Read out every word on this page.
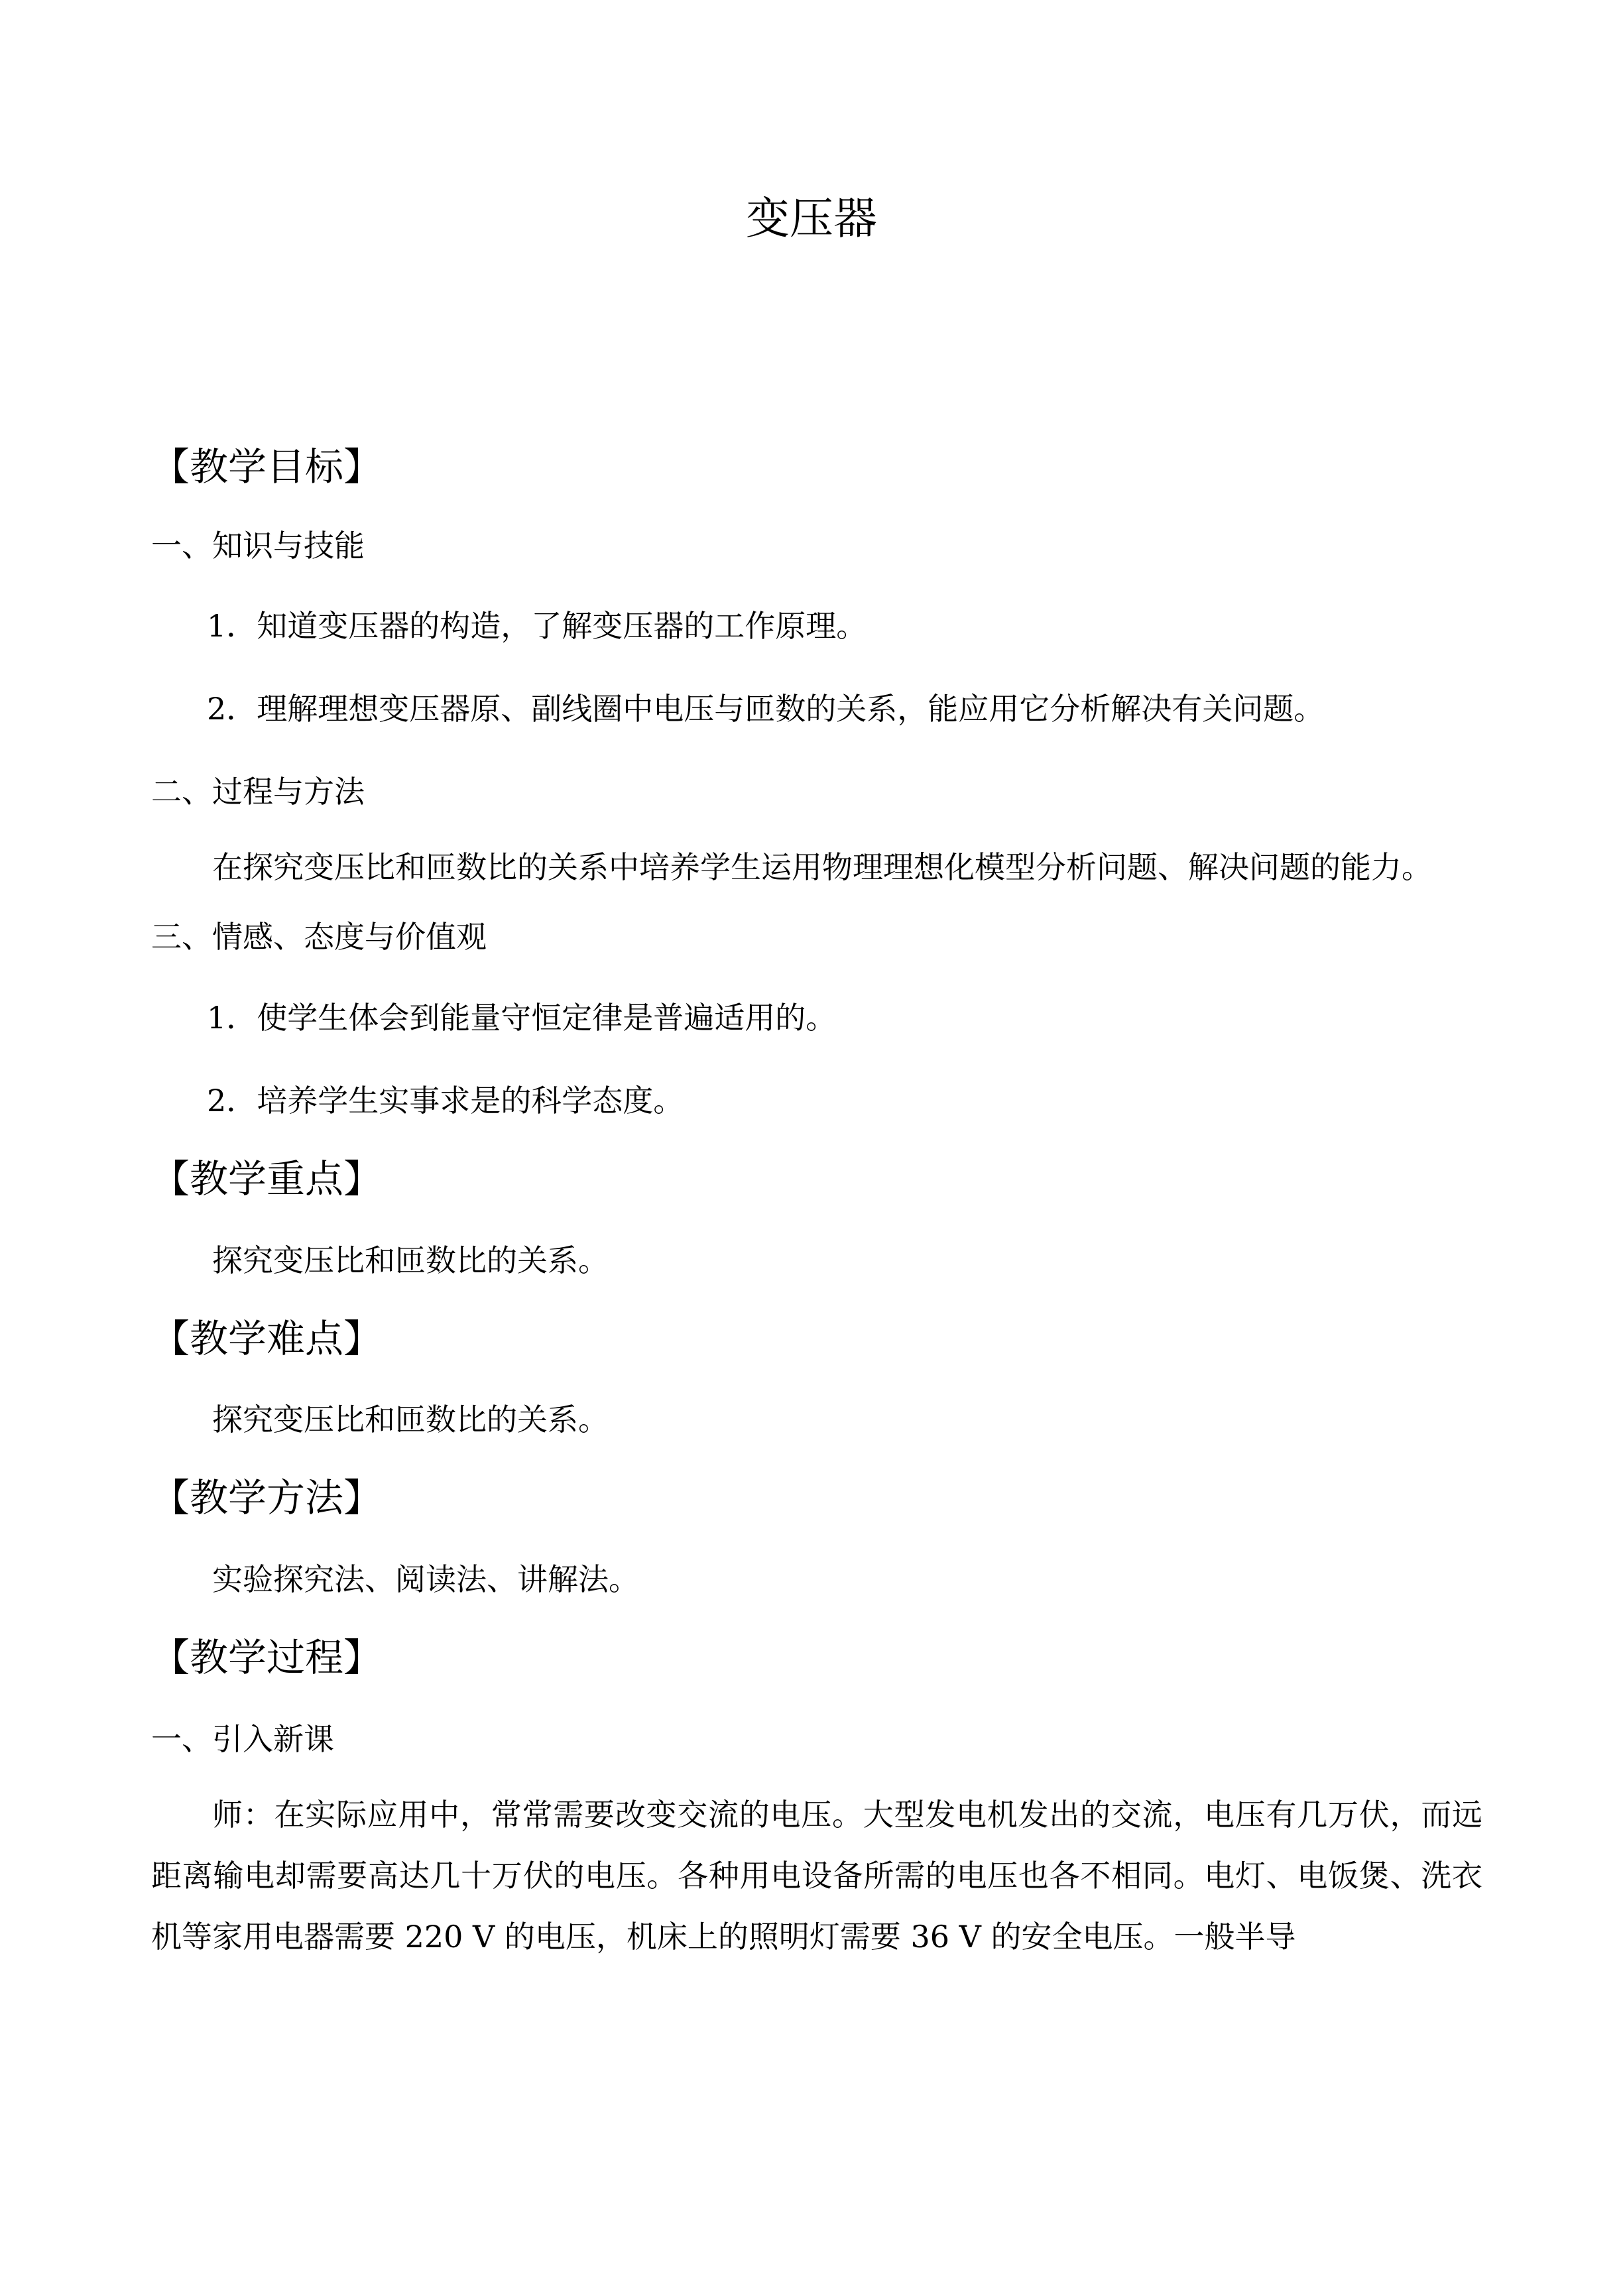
变压器

【教学目标】

一、知识与技能

1．知道变压器的构造，了解变压器的工作原理。

2．理解理想变压器原、副线圈中电压与匝数的关系，能应用它分析解决有关问题。

二、过程与方法

在探究变压比和匝数比的关系中培养学生运用物理理想化模型分析问题、解决问题的能力。

三、情感、态度与价值观

1．使学生体会到能量守恒定律是普遍适用的。

2．培养学生实事求是的科学态度。

【教学重点】

探究变压比和匝数比的关系。

【教学难点】

探究变压比和匝数比的关系。

【教学方法】

实验探究法、阅读法、讲解法。

【教学过程】

一、引入新课

师：在实际应用中，常常需要改变交流的电压。大型发电机发出的交流，电压有几万伏，而远距离输电却需要高达几十万伏的电压。各种用电设备所需的电压也各不相同。电灯、电饭煲、洗衣机等家用电器需要 220 V 的电压，机床上的照明灯需要 36 V 的安全电压。一般半导
